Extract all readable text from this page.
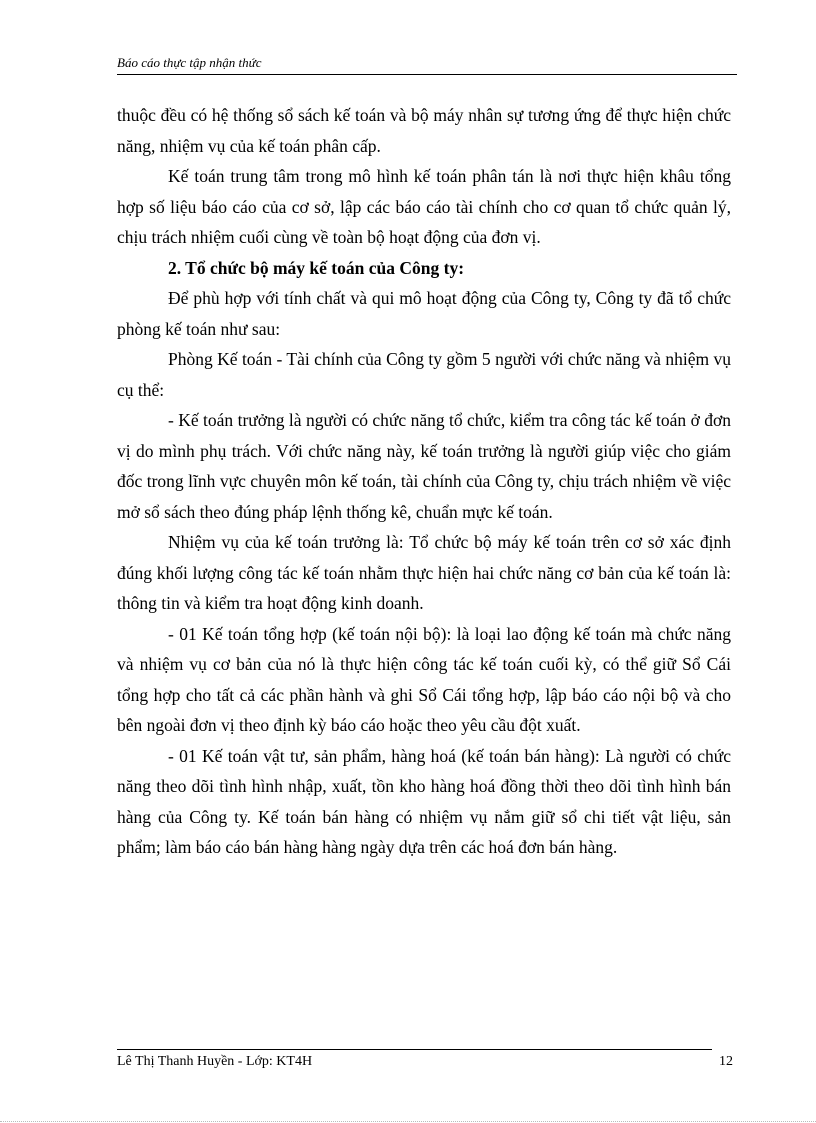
Báo cáo thực tập nhận thức

thuộc đều có hệ thống sổ sách kế toán và bộ máy nhân sự tương ứng để thực hiện chức năng, nhiệm vụ của kế toán phân cấp.

Kế toán trung tâm trong mô hình kế toán phân tán là nơi thực hiện khâu tổng hợp số liệu báo cáo của cơ sở, lập các báo cáo tài chính cho cơ quan tổ chức quản lý, chịu trách nhiệm cuối cùng về toàn bộ hoạt động của đơn vị.

2. Tổ chức bộ máy kế toán của Công ty:

Để phù hợp với tính chất và qui mô hoạt động của Công ty, Công ty đã tổ chức phòng kế toán như sau:

Phòng Kế toán - Tài chính của Công ty gồm 5 người với chức năng và nhiệm vụ cụ thể:

- Kế toán trưởng là người có chức năng tổ chức, kiểm tra công tác kế toán ở đơn vị do mình phụ trách. Với chức năng này, kế toán trưởng là người giúp việc cho giám đốc trong lĩnh vực chuyên môn kế toán, tài chính của Công ty, chịu trách nhiệm về việc mở sổ sách theo đúng pháp lệnh thống kê, chuẩn mực kế toán.

Nhiệm vụ của kế toán trưởng là: Tổ chức bộ máy kế toán trên cơ sở xác định đúng khối lượng công tác kế toán nhằm thực hiện hai chức năng cơ bản của kế toán là: thông tin và kiểm tra hoạt động kinh doanh.

- 01 Kế toán tổng hợp (kế toán nội bộ): là loại lao động kế toán mà chức năng và nhiệm vụ cơ bản của nó là thực hiện công tác kế toán cuối kỳ, có thể giữ Sổ Cái tổng hợp cho tất cả các phần hành và ghi Sổ Cái tổng hợp, lập báo cáo nội bộ và cho bên ngoài đơn vị theo định kỳ báo cáo hoặc theo yêu cầu đột xuất.

- 01 Kế toán vật tư, sản phẩm, hàng hoá (kế toán bán hàng): Là người có chức năng theo dõi tình hình nhập, xuất, tồn kho hàng hoá đồng thời theo dõi tình hình bán hàng của Công ty. Kế toán bán hàng có nhiệm vụ nắm giữ sổ chi tiết vật liệu, sản phẩm; làm báo cáo bán hàng hàng ngày dựa trên các hoá đơn bán hàng.

Lê Thị Thanh Huyền - Lớp: KT4H	12
